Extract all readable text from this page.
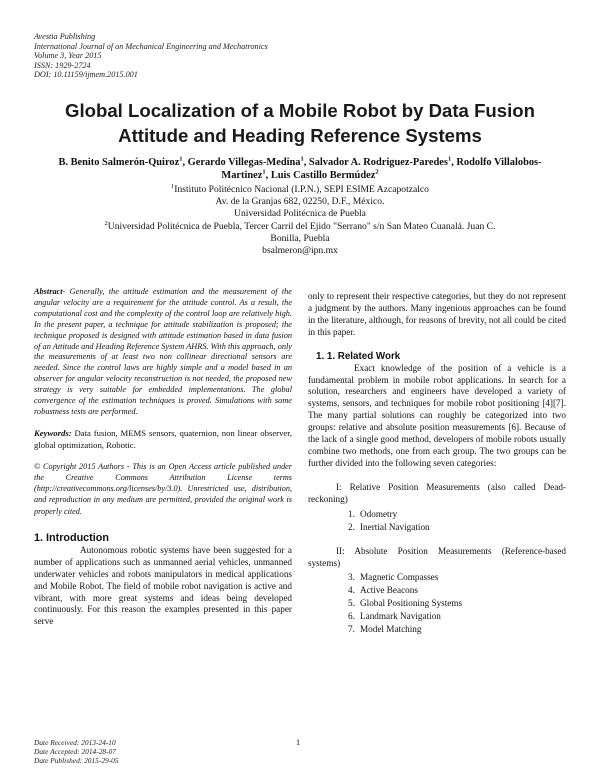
Avestia Publishing
International Journal of on Mechanical Engineering and Mechatronics
Volume 3, Year 2015
ISSN: 1929-2724
DOI: 10.11159/ijmem.2015.001
Global Localization of a Mobile Robot by Data Fusion
Attitude and Heading Reference Systems
B. Benito Salmerón-Quiroz$^1$, Gerardo Villegas-Medina$^1$, Salvador A. Rodriguez-Paredes$^1$, Rodolfo Villalobos-Martinez$^1$, Luis Castillo Bermúdez$^2$
$^1$Instituto Politécnico Nacional (I.P.N.), SEPI ESIME Azcapotzalco
Av. de la Granjas 682, 02250, D.F., México.
Universidad Politécnica de Puebla
$^2$Universidad Politécnica de Puebla, Tercer Carril del Ejido "Serrano" s/n San Mateo Cuanalá. Juan C.
Bonilla, Puebla
bsalmeron@ipn.mx

Abstract- Generally, the attitude estimation and the measurement of the angular velocity are a requirement for the attitude control. As a result, the computational cost and the complexity of the control loop are relatively high. In the present paper, a technique for attitude stabilization is proposed; the technique proposed is designed with attitude estimation based in data fusion of an Attitude and Heading Reference System AHRS. With this approach, only the measurements of at least two non collinear directional sensors are needed. Since the control laws are highly simple and a model based in an observer for angular velocity reconstruction is not needed, the proposed new strategy is very suitable for embedded implementations. The global convergence of the estimation techniques is proved. Simulations with some robustness tests are performed.

Keywords: Data fusion, MEMS sensors, quaternion, non linear observer, global optimization, Robotic.

© Copyright 2015 Authors - This is an Open Access article published under the Creative Commons Attribution License terms (http://creativecommons.org/licenses/by/3.0). Unrestricted use, distribution, and reproduction in any medium are permitted, provided the original work is properly cited.

1. Introduction

Autonomous robotic systems have been suggested for a number of applications such as unmanned aerial vehicles, unmanned underwater vehicles and robots manipulators in medical applications and Mobile Robot. The field of mobile robot navigation is active and vibrant, with more great systems and ideas being developed continuously. For this reason the examples presented in this paper serve

only to represent their respective categories, but they do not represent a judgment by the authors. Many ingenious approaches can be found in the literature, although, for reasons of brevity, not all could be cited in this paper.

1. 1. Related Work

Exact knowledge of the position of a vehicle is a fundamental problem in mobile robot applications. In search for a solution, researchers and engineers have developed a variety of systems, sensors, and techniques for mobile robot positioning [4][7]. The many partial solutions can roughly be categorized into two groups: relative and absolute position measurements [6]. Because of the lack of a single good method, developers of mobile robots usually combine two methods, one from each group. The two groups can be further divided into the following seven categories:

I: Relative Position Measurements (also called Dead-reckoning)

1. Odometry
2. Inertial Navigation

II: Absolute Position Measurements (Reference-based systems)

3. Magnetic Compasses
4. Active Beacons
5. Global Positioning Systems
6. Landmark Navigation
7. Model Matching
Date Received: 2013-24-10
Date Accepted: 2014-28-07
Date Published: 2015-29-05
1
